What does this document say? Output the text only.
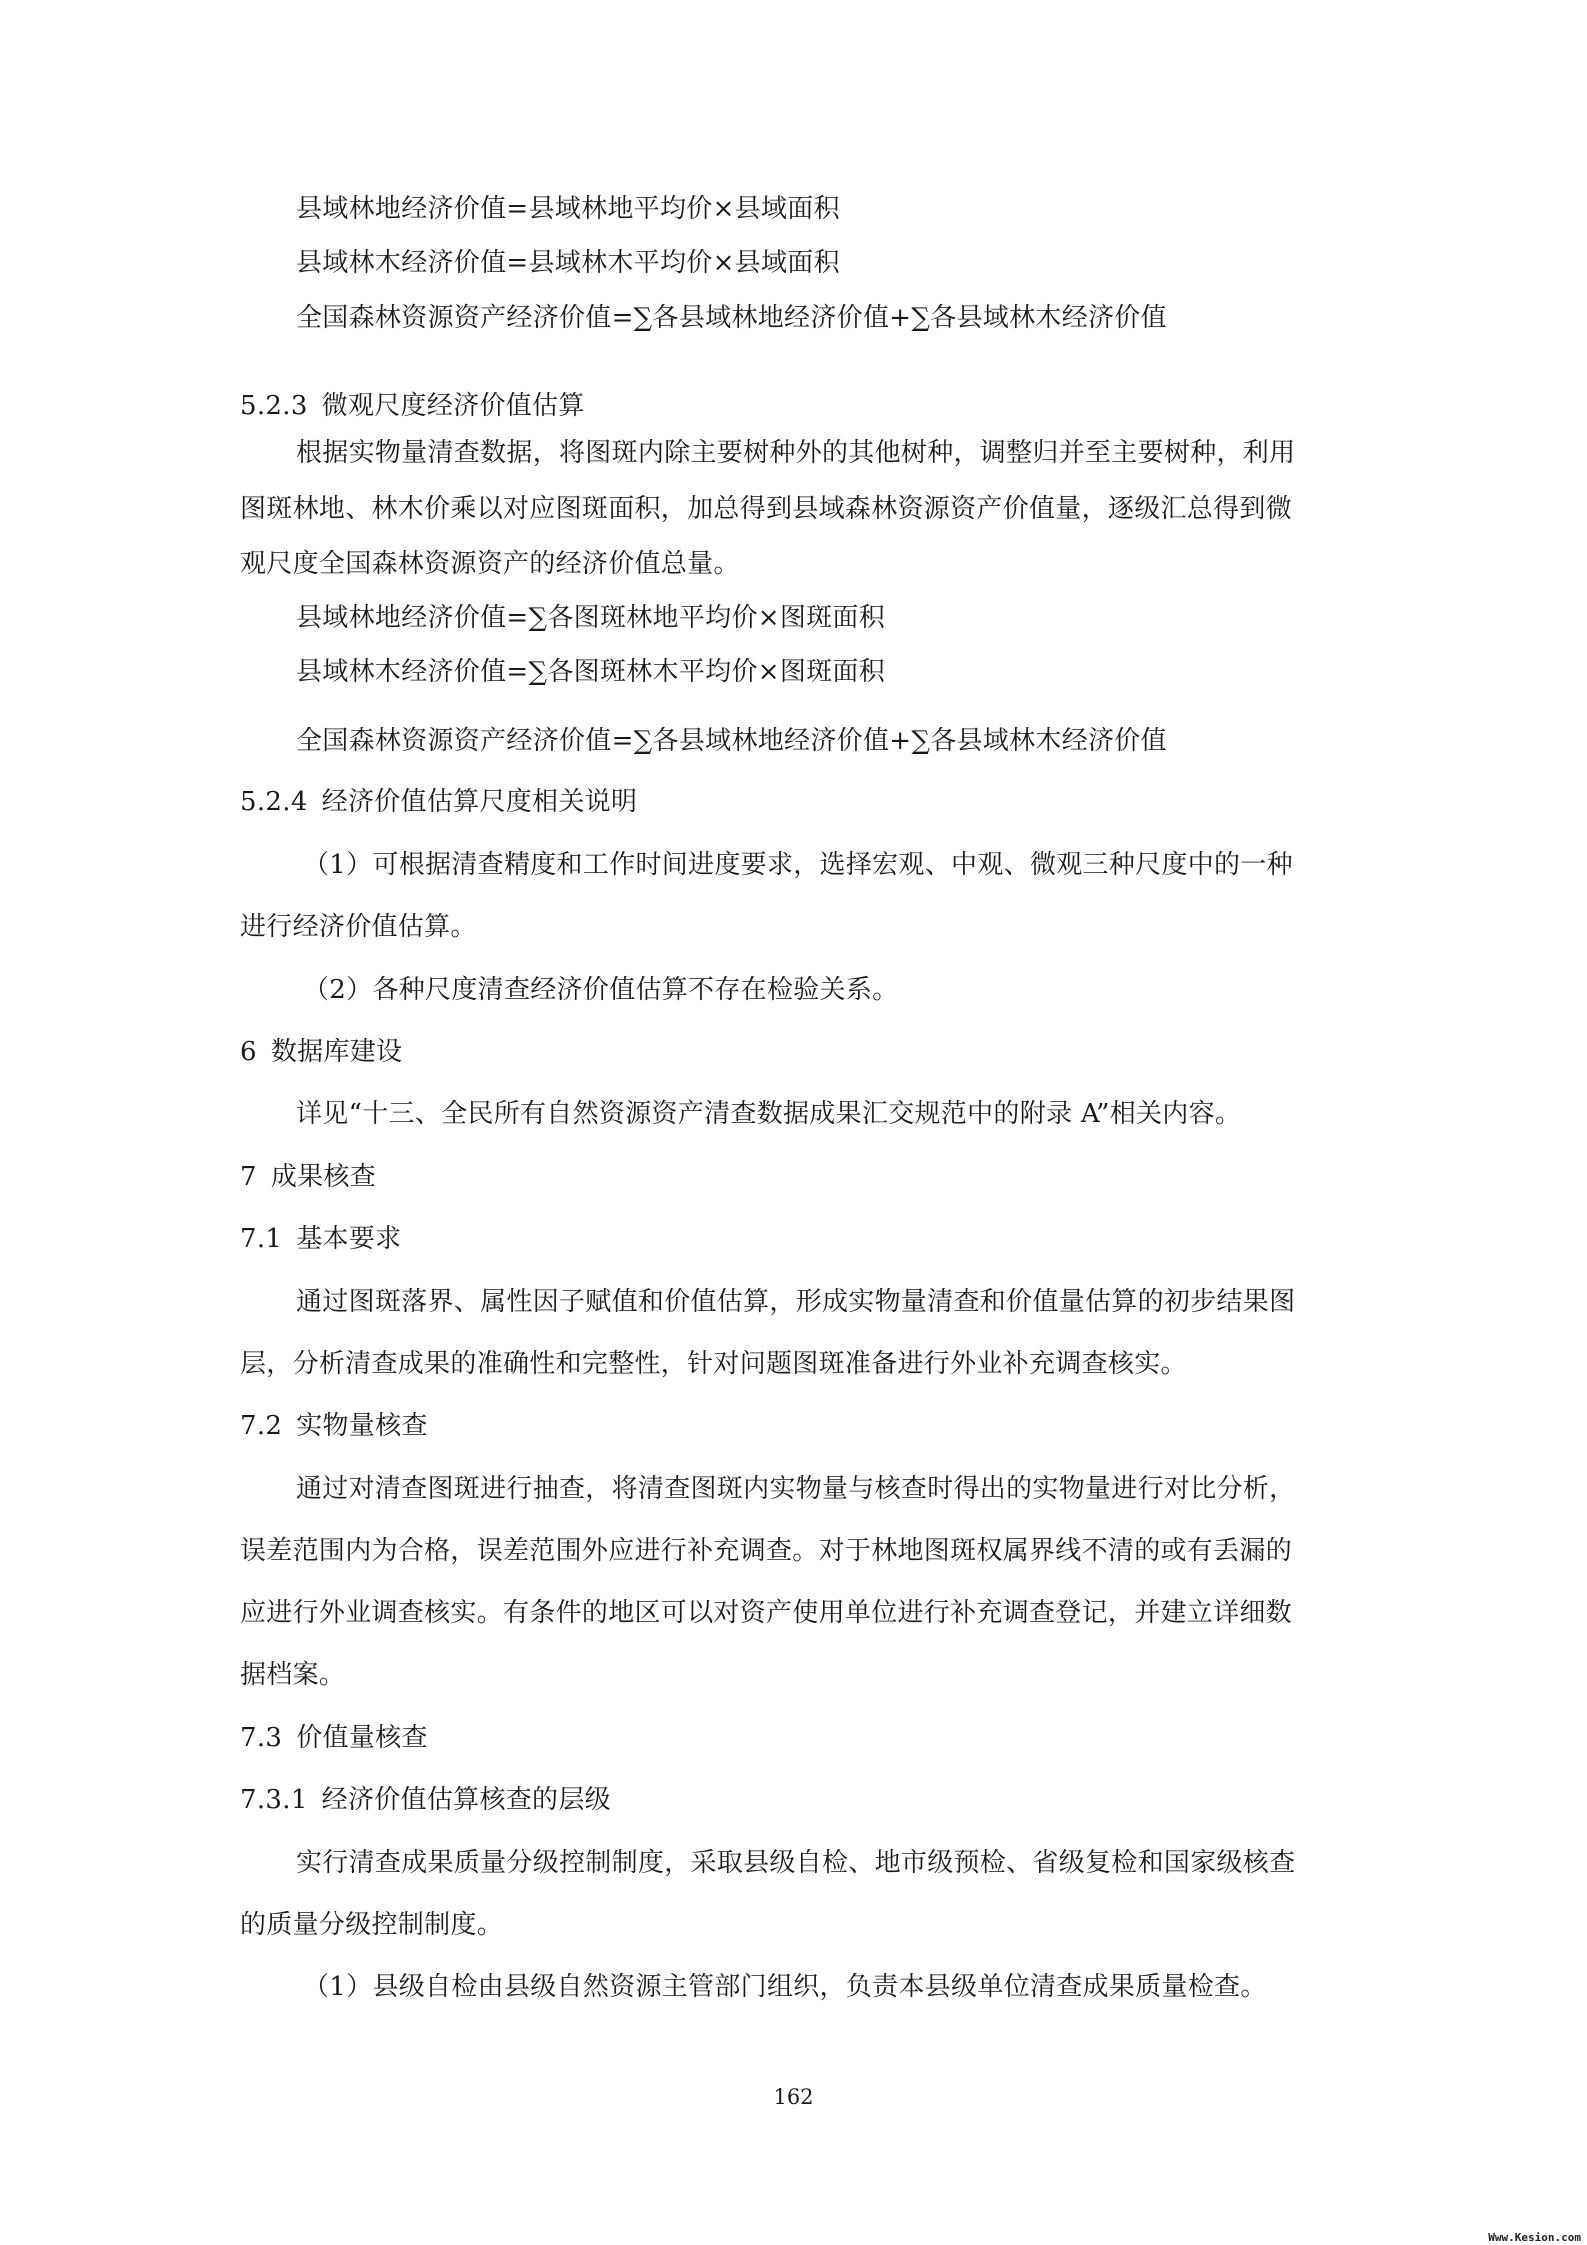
县域林地经济价值=县域林地平均价×县域面积
县域林木经济价值=县域林木平均价×县域面积
全国森林资源资产经济价值=∑各县域林地经济价值+∑各县域林木经济价值
5.2.3 微观尺度经济价值估算
根据实物量清查数据，将图斑内除主要树种外的其他树种，调整归并至主要树种，利用
图斑林地、林木价乘以对应图斑面积，加总得到县域森林资源资产价值量，逐级汇总得到微
观尺度全国森林资源资产的经济价值总量。
县域林地经济价值=∑各图斑林地平均价×图斑面积
县域林木经济价值=∑各图斑林木平均价×图斑面积
全国森林资源资产经济价值=∑各县域林地经济价值+∑各县域林木经济价值
5.2.4 经济价值估算尺度相关说明
（1）可根据清查精度和工作时间进度要求，选择宏观、中观、微观三种尺度中的一种
进行经济价值估算。
（2）各种尺度清查经济价值估算不存在检验关系。
6 数据库建设
详见“十三、全民所有自然资源资产清查数据成果汇交规范中的附录 A”相关内容。
7 成果核查
7.1 基本要求
通过图斑落界、属性因子赋值和价值估算，形成实物量清查和价值量估算的初步结果图
层，分析清查成果的准确性和完整性，针对问题图斑准备进行外业补充调查核实。
7.2 实物量核查
通过对清查图斑进行抽查，将清查图斑内实物量与核查时得出的实物量进行对比分析，
误差范围内为合格，误差范围外应进行补充调查。对于林地图斑权属界线不清的或有丢漏的
应进行外业调查核实。有条件的地区可以对资产使用单位进行补充调查登记，并建立详细数
据档案。
7.3 价值量核查
7.3.1 经济价值估算核查的层级
实行清查成果质量分级控制制度，采取县级自检、地市级预检、省级复检和国家级核查
的质量分级控制制度。
（1）县级自检由县级自然资源主管部门组织，负责本县级单位清查成果质量检查。
162
Www.Kesion.com
